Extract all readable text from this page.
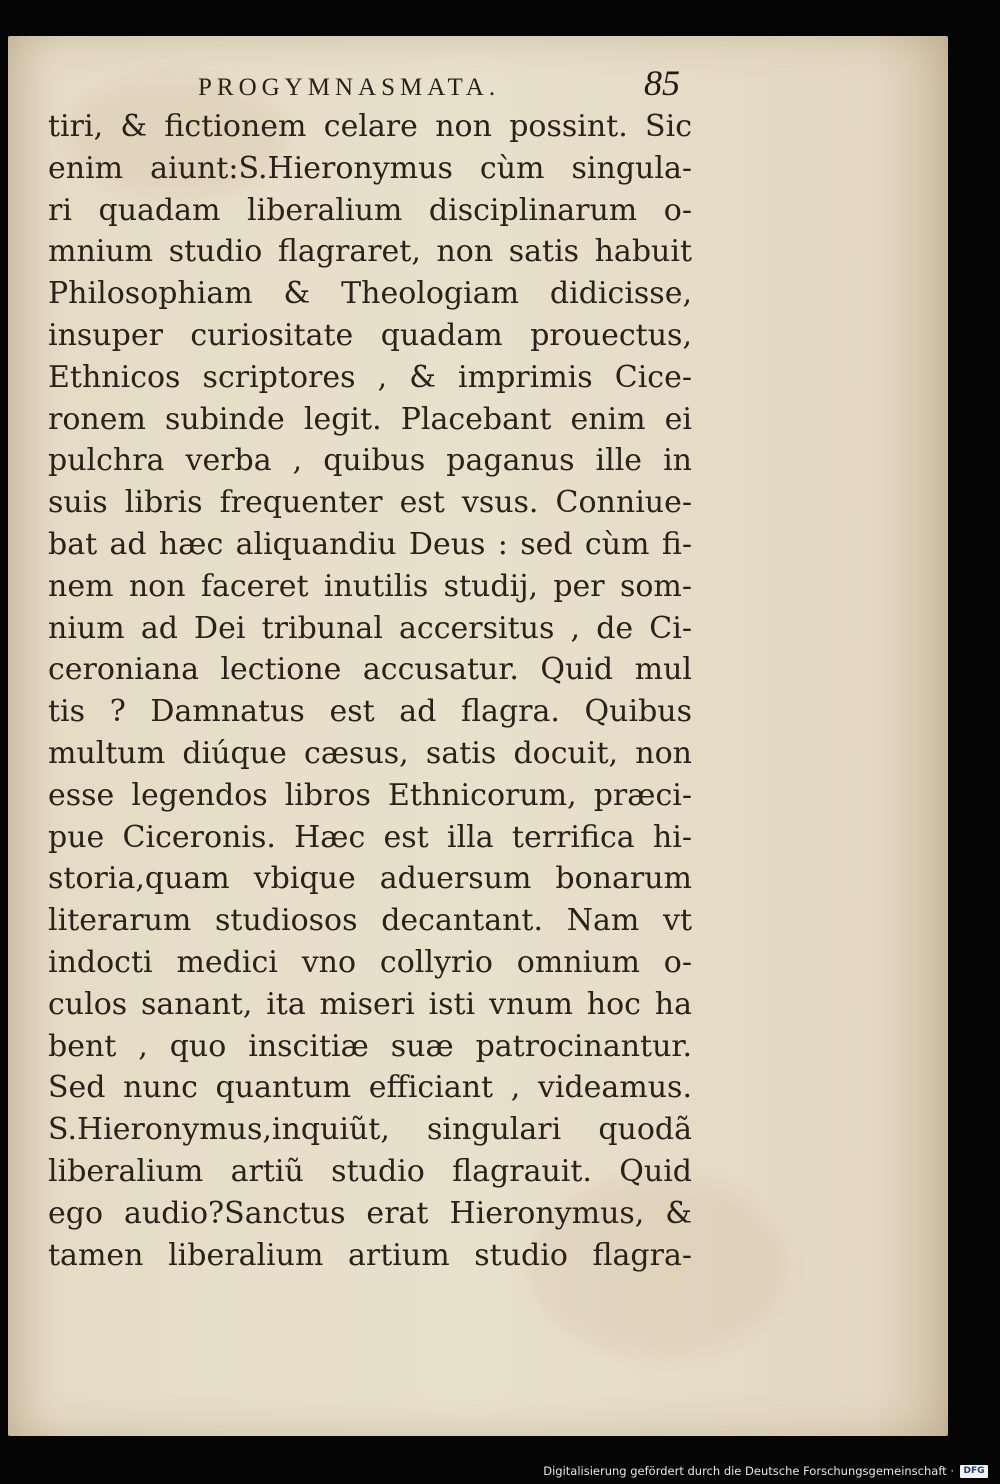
PROGYMNASMATA.	85
tiri, & fictionem celare non possint. Sic
enim aiunt:S.Hieronymus cùm singula-
ri quadam liberalium disciplinarum o-
mnium studio flagraret, non satis habuit
Philosophiam & Theologiam didicisse,
insuper curiositate quadam prouectus,
Ethnicos scriptores , & imprimis Cice-
ronem subinde legit. Placebant enim ei
pulchra verba , quibus paganus ille in
suis libris frequenter est vsus. Conniue-
bat ad hæc aliquandiu Deus : sed cùm fi-
nem non faceret inutilis studij, per som-
nium ad Dei tribunal accersitus , de Ci-
ceroniana lectione accusatur. Quid mul
tis ? Damnatus est ad flagra. Quibus
multum diúque cæsus, satis docuit, non
esse legendos libros Ethnicorum, præci-
pue Ciceronis. Hæc est illa terrifica hi-
storia,quam vbique aduersum bonarum
literarum studiosos decantant. Nam vt
indocti medici vno collyrio omnium o-
culos sanant, ita miseri isti vnum hoc ha
bent , quo inscitiæ suæ patrocinantur.
Sed nunc quantum efficiant , videamus.
S.Hieronymus,inquiũt, singulari quodã
liberalium artiũ studio flagrauit. Quid
ego audio?Sanctus erat Hieronymus, &
tamen liberalium artium studio flagra-
Digitalisierung gefördert durch die Deutsche Forschungsgemeinschaft ·	DFG
